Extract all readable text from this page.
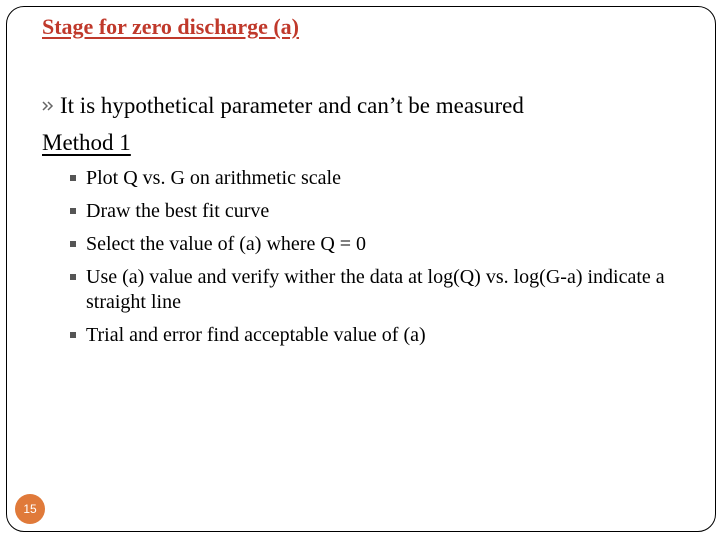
Stage for zero discharge (a)
It is hypothetical parameter and can’t be measured
Method 1
Plot Q vs. G on arithmetic scale
Draw the best fit curve
Select the value of (a) where Q = 0
Use (a) value and verify wither the data at log(Q) vs. log(G-a) indicate a straight line
Trial and error find acceptable value of (a)
15
